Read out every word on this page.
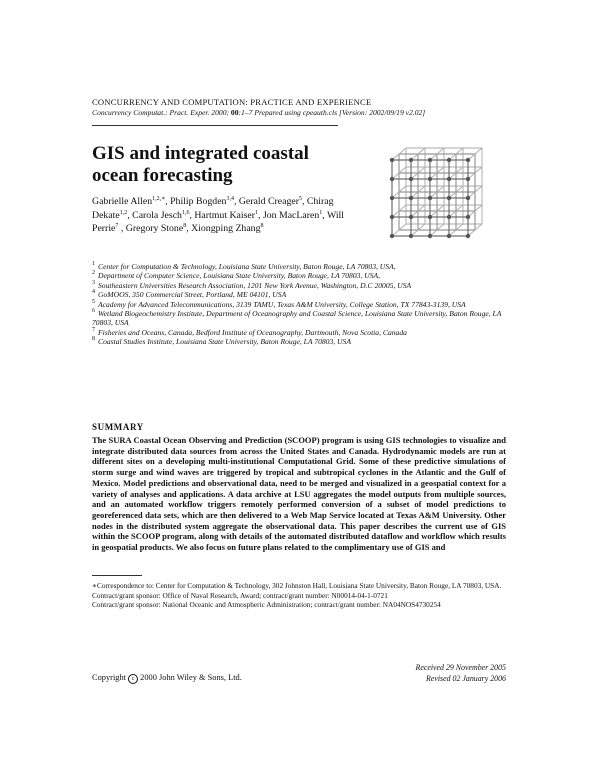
CONCURRENCY AND COMPUTATION: PRACTICE AND EXPERIENCE
Concurrency Computat.: Pract. Exper. 2000; 00:1–7 Prepared using cpeauth.cls [Version: 2002/09/19 v2.02]
GIS and integrated coastal ocean forecasting
Gabrielle Allen$^{1,2,∗}$, Philip Bogden$^{3,4}$, Gerald Creager$^5$, Chirag Dekate$^{1,2}$, Carola Jesch$^{1,6}$, Hartmut Kaiser$^1$, Jon MacLaren$^1$, Will Perrie$^7$ , Gregory Stone$^8$, Xiongping Zhang$^8$

$^1$ Center for Computation & Technology, Louisiana State University, Baton Rouge, LA 70803, USA,

$^2$ Department of Computer Science, Louisiana State University, Baton Rouge, LA 70803, USA,

$^3$ Southeastern Universities Research Association, 1201 New York Avenue, Washington, D.C 20005, USA

$^4$ GoMOOS, 350 Commercial Street, Portland, ME 04101, USA

$^5$ Academy for Advanced Telecommunications, 3139 TAMU, Texas A&M University, College Station, TX 77843-3139, USA

$^6$ Wetland Biogeochemistry Institute, Department of Oceanography and Coastal Science, Louisiana State University, Baton Rouge, LA 70803, USA

$^7$ Fisheries and Oceans, Canada, Bedford Institute of Oceanography, Dartmouth, Nova Scotia, Canada

$^8$ Coastal Studies Institute, Louisiana State University, Baton Rouge, LA 70803, USA

SUMMARY
The SURA Coastal Ocean Observing and Prediction (SCOOP) program is using GIS technologies to visualize and integrate distributed data sources from across the United States and Canada. Hydrodynamic models are run at different sites on a developing multi-institutional Computational Grid. Some of these predictive simulations of storm surge and wind waves are triggered by tropical and subtropical cyclones in the Atlantic and the Gulf of Mexico. Model predictions and observational data, need to be merged and visualized in a geospatial context for a variety of analyses and applications. A data archive at LSU aggregates the model outputs from multiple sources, and an automated workflow triggers remotely performed conversion of a subset of model predictions to georeferenced data sets, which are then delivered to a Web Map Service located at Texas A&M University. Other nodes in the distributed system aggregate the observational data. This paper describes the current use of GIS within the SCOOP program, along with details of the automated distributed dataflow and workflow which results in geospatial products. We also focus on future plans related to the complimentary use of GIS and

∗Correspondence to: Center for Computation & Technology, 302 Johnston Hall, Louisiana State University, Baton Rouge, LA 70803, USA.

Contract/grant sponsor: Office of Naval Research, Award; contract/grant number: N00014-04-1-0721

Contract/grant sponsor: National Oceanic and Atmospheric Administration; contract/grant number: NA04NOS4730254

Received 29 November 2005
Revised 02 January 2006
Copyright c 2000 John Wiley & Sons, Ltd.
